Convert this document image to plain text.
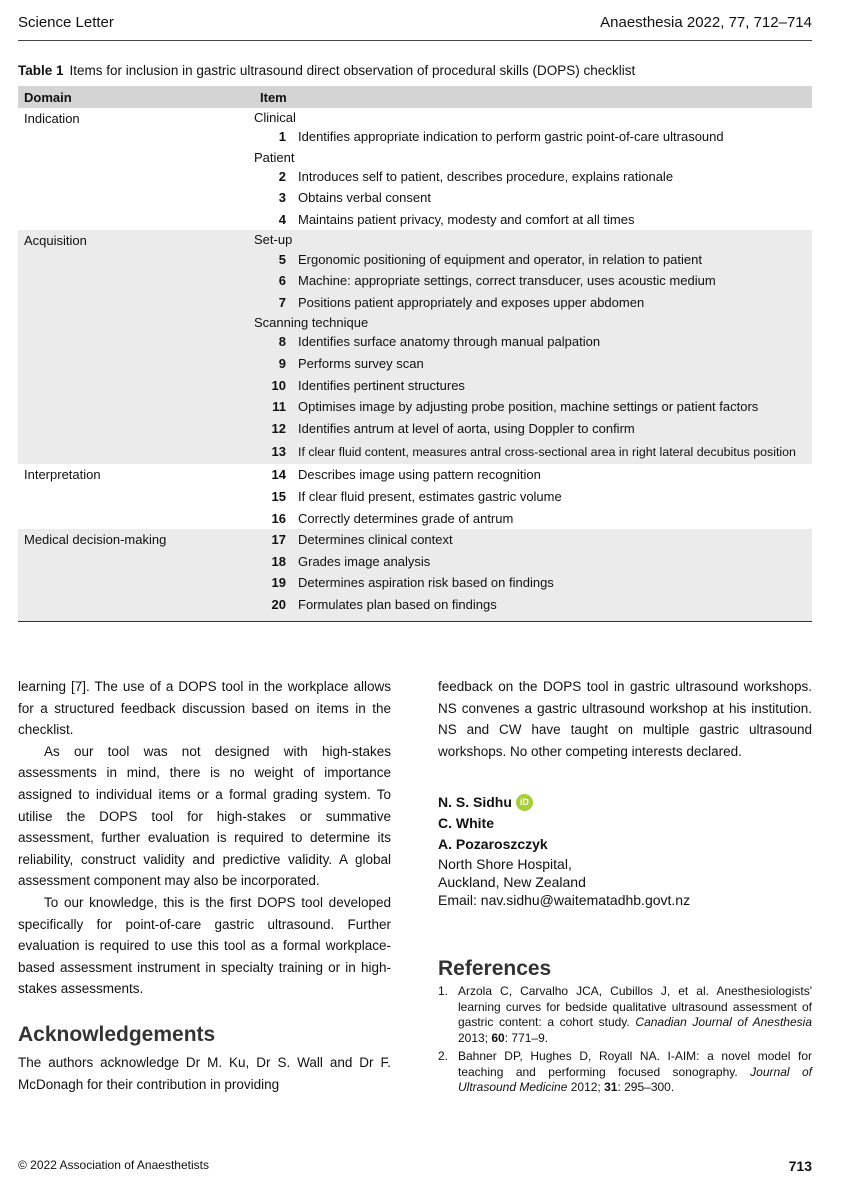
Science Letter	Anaesthesia 2022, 77, 712–714
Table 1 Items for inclusion in gastric ultrasound direct observation of procedural skills (DOPS) checklist
Domain	Item
Indication	Clinical
1 Identifies appropriate indication to perform gastric point-of-care ultrasound
Patient
2 Introduces self to patient, describes procedure, explains rationale
3 Obtains verbal consent
4 Maintains patient privacy, modesty and comfort at all times
Acquisition	Set-up
5 Ergonomic positioning of equipment and operator, in relation to patient
6 Machine: appropriate settings, correct transducer, uses acoustic medium
7 Positions patient appropriately and exposes upper abdomen
Scanning technique
8 Identifies surface anatomy through manual palpation
9 Performs survey scan
10 Identifies pertinent structures
11 Optimises image by adjusting probe position, machine settings or patient factors
12 Identifies antrum at level of aorta, using Doppler to confirm
13 If clear fluid content, measures antral cross-sectional area in right lateral decubitus position
Interpretation	14 Describes image using pattern recognition
15 If clear fluid present, estimates gastric volume
16 Correctly determines grade of antrum
Medical decision-making	17 Determines clinical context
18 Grades image analysis
19 Determines aspiration risk based on findings
20 Formulates plan based on findings

learning [7]. The use of a DOPS tool in the workplace allows for a structured feedback discussion based on items in the checklist.

As our tool was not designed with high-stakes assessments in mind, there is no weight of importance assigned to individual items or a formal grading system. To utilise the DOPS tool for high-stakes or summative assessment, further evaluation is required to determine its reliability, construct validity and predictive validity. A global assessment component may also be incorporated.

To our knowledge, this is the first DOPS tool developed specifically for point-of-care gastric ultrasound. Further evaluation is required to use this tool as a formal workplace-based assessment instrument in specialty training or in high-stakes assessments.

Acknowledgements

The authors acknowledge Dr M. Ku, Dr S. Wall and Dr F. McDonagh for their contribution in providing

feedback on the DOPS tool in gastric ultrasound workshops. NS convenes a gastric ultrasound workshop at his institution. NS and CW have taught on multiple gastric ultrasound workshops. No other competing interests declared.

N. S. Sidhu iD
C. White
A. Pozaroszczyk
North Shore Hospital,
Auckland, New Zealand
Email: nav.sidhu@waitematadhb.govt.nz
References
1. Arzola C, Carvalho JCA, Cubillos J, et al. Anesthesiologists' learning curves for bedside qualitative ultrasound assessment of gastric content: a cohort study. Canadian Journal of Anesthesia 2013; 60: 771–9.
2. Bahner DP, Hughes D, Royall NA. I-AIM: a novel model for teaching and performing focused sonography. Journal of Ultrasound Medicine 2012; 31: 295–300.
© 2022 Association of Anaesthetists	713
